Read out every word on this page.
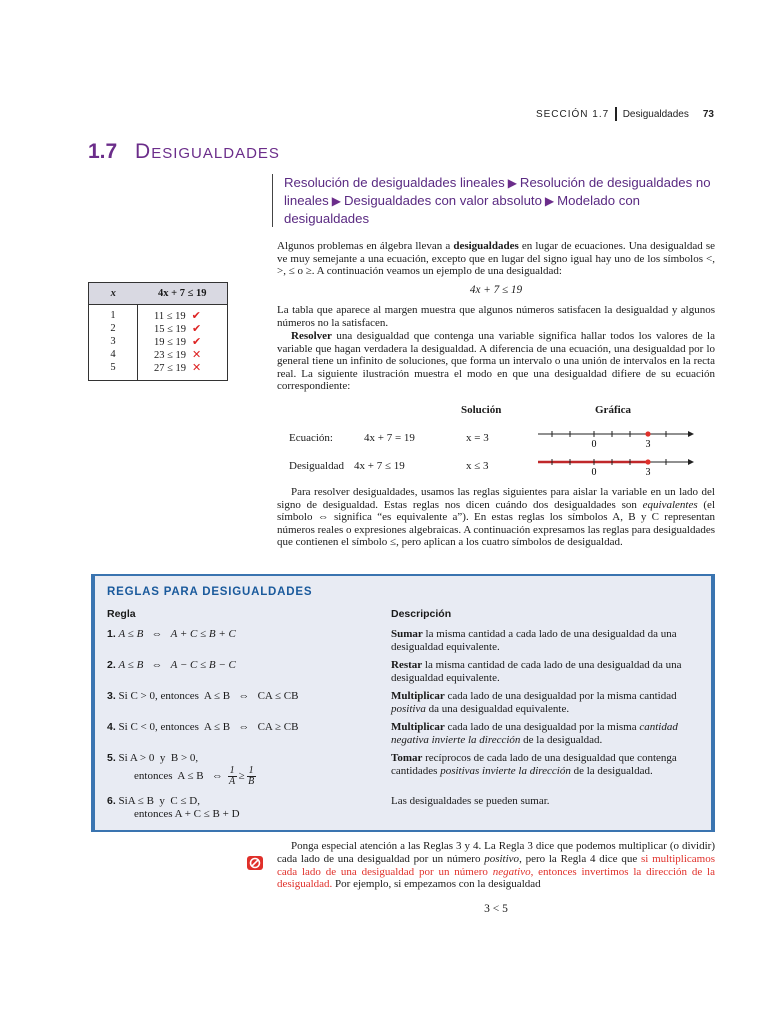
SECCIÓN 1.7 Desigualdades 73
1.7 Desigualdades
Resolución de desigualdades lineales ▶ Resolución de desigualdades no lineales ▶ Desigualdades con valor absoluto ▶ Modelado con desigualdades
Algunos problemas en álgebra llevan a desigualdades en lugar de ecuaciones. Una desigualdad se ve muy semejante a una ecuación, excepto que en lugar del signo igual hay uno de los símbolos <, >, ≤ o ≥. A continuación veamos un ejemplo de una desigualdad:
4x + 7 ≤ 19
La tabla que aparece al margen muestra que algunos números satisfacen la desigualdad y algunos números no la satisfacen.
Resolver una desigualdad que contenga una variable significa hallar todos los valores de la variable que hagan verdadera la desigualdad. A diferencia de una ecuación, una desigualdad por lo general tiene un infinito de soluciones, que forma un intervalo o una unión de intervalos en la recta real. La siguiente ilustración muestra el modo en que una desigualdad difiere de su ecuación correspondiente:
x	4x + 7 ≤ 19
1	11 ≤ 19 ✔
2	15 ≤ 19 ✔
3	19 ≤ 19 ✔
4	23 ≤ 19 ✕
5	27 ≤ 19 ✕
Solución	Gráfica
Ecuación:	4x + 7 = 19	x = 3
Desigualdad 4x + 7 ≤ 19	x ≤ 3
0	3
0	3
Para resolver desigualdades, usamos las reglas siguientes para aislar la variable en un lado del signo de desigualdad. Estas reglas nos dicen cuándo dos desigualdades son equivalentes (el símbolo ⇔ significa “es equivalente a”). En estas reglas los símbolos A, B y C representan números reales o expresiones algebraicas. A continuación expresamos las reglas para desigualdades que contienen el símbolo ≤, pero aplican a los cuatro símbolos de desigualdad.
REGLAS PARA DESIGUALDADES
Regla	Descripción
1. A ≤ B   ⇔   A + C ≤ B + C	Sumar la misma cantidad a cada lado de una desigualdad da una desigualdad equivalente.
2. A ≤ B   ⇔   A − C ≤ B − C	Restar la misma cantidad de cada lado de una desigualdad da una desigualdad equivalente.
3. Si C > 0, entonces  A ≤ B   ⇔   CA ≤ CB	Multiplicar cada lado de una desigualdad por la misma cantidad positiva da una desigualdad equivalente.
4. Si C < 0, entonces  A ≤ B   ⇔   CA ≥ CB	Multiplicar cada lado de una desigualdad por la misma cantidad negativa invierte la dirección de la desigualdad.
5. Si A > 0  y  B > 0,
entonces  A ≤ B   ⇔ $\frac{1}{A} \ge \frac{1}{B}$
Tomar recíprocos de cada lado de una desigualdad que contenga cantidades positivas invierte la dirección de la desigualdad.
6. SiA ≤ B  y  C ≤ D,
entonces A + C ≤ B + D
Las desigualdades se pueden sumar.
Ponga especial atención a las Reglas 3 y 4. La Regla 3 dice que podemos multiplicar (o dividir) cada lado de una desigualdad por un número positivo, pero la Regla 4 dice que si multiplicamos cada lado de una desigualdad por un número negativo, entonces invertimos la dirección de la desigualdad. Por ejemplo, si empezamos con la desigualdad
3 < 5
